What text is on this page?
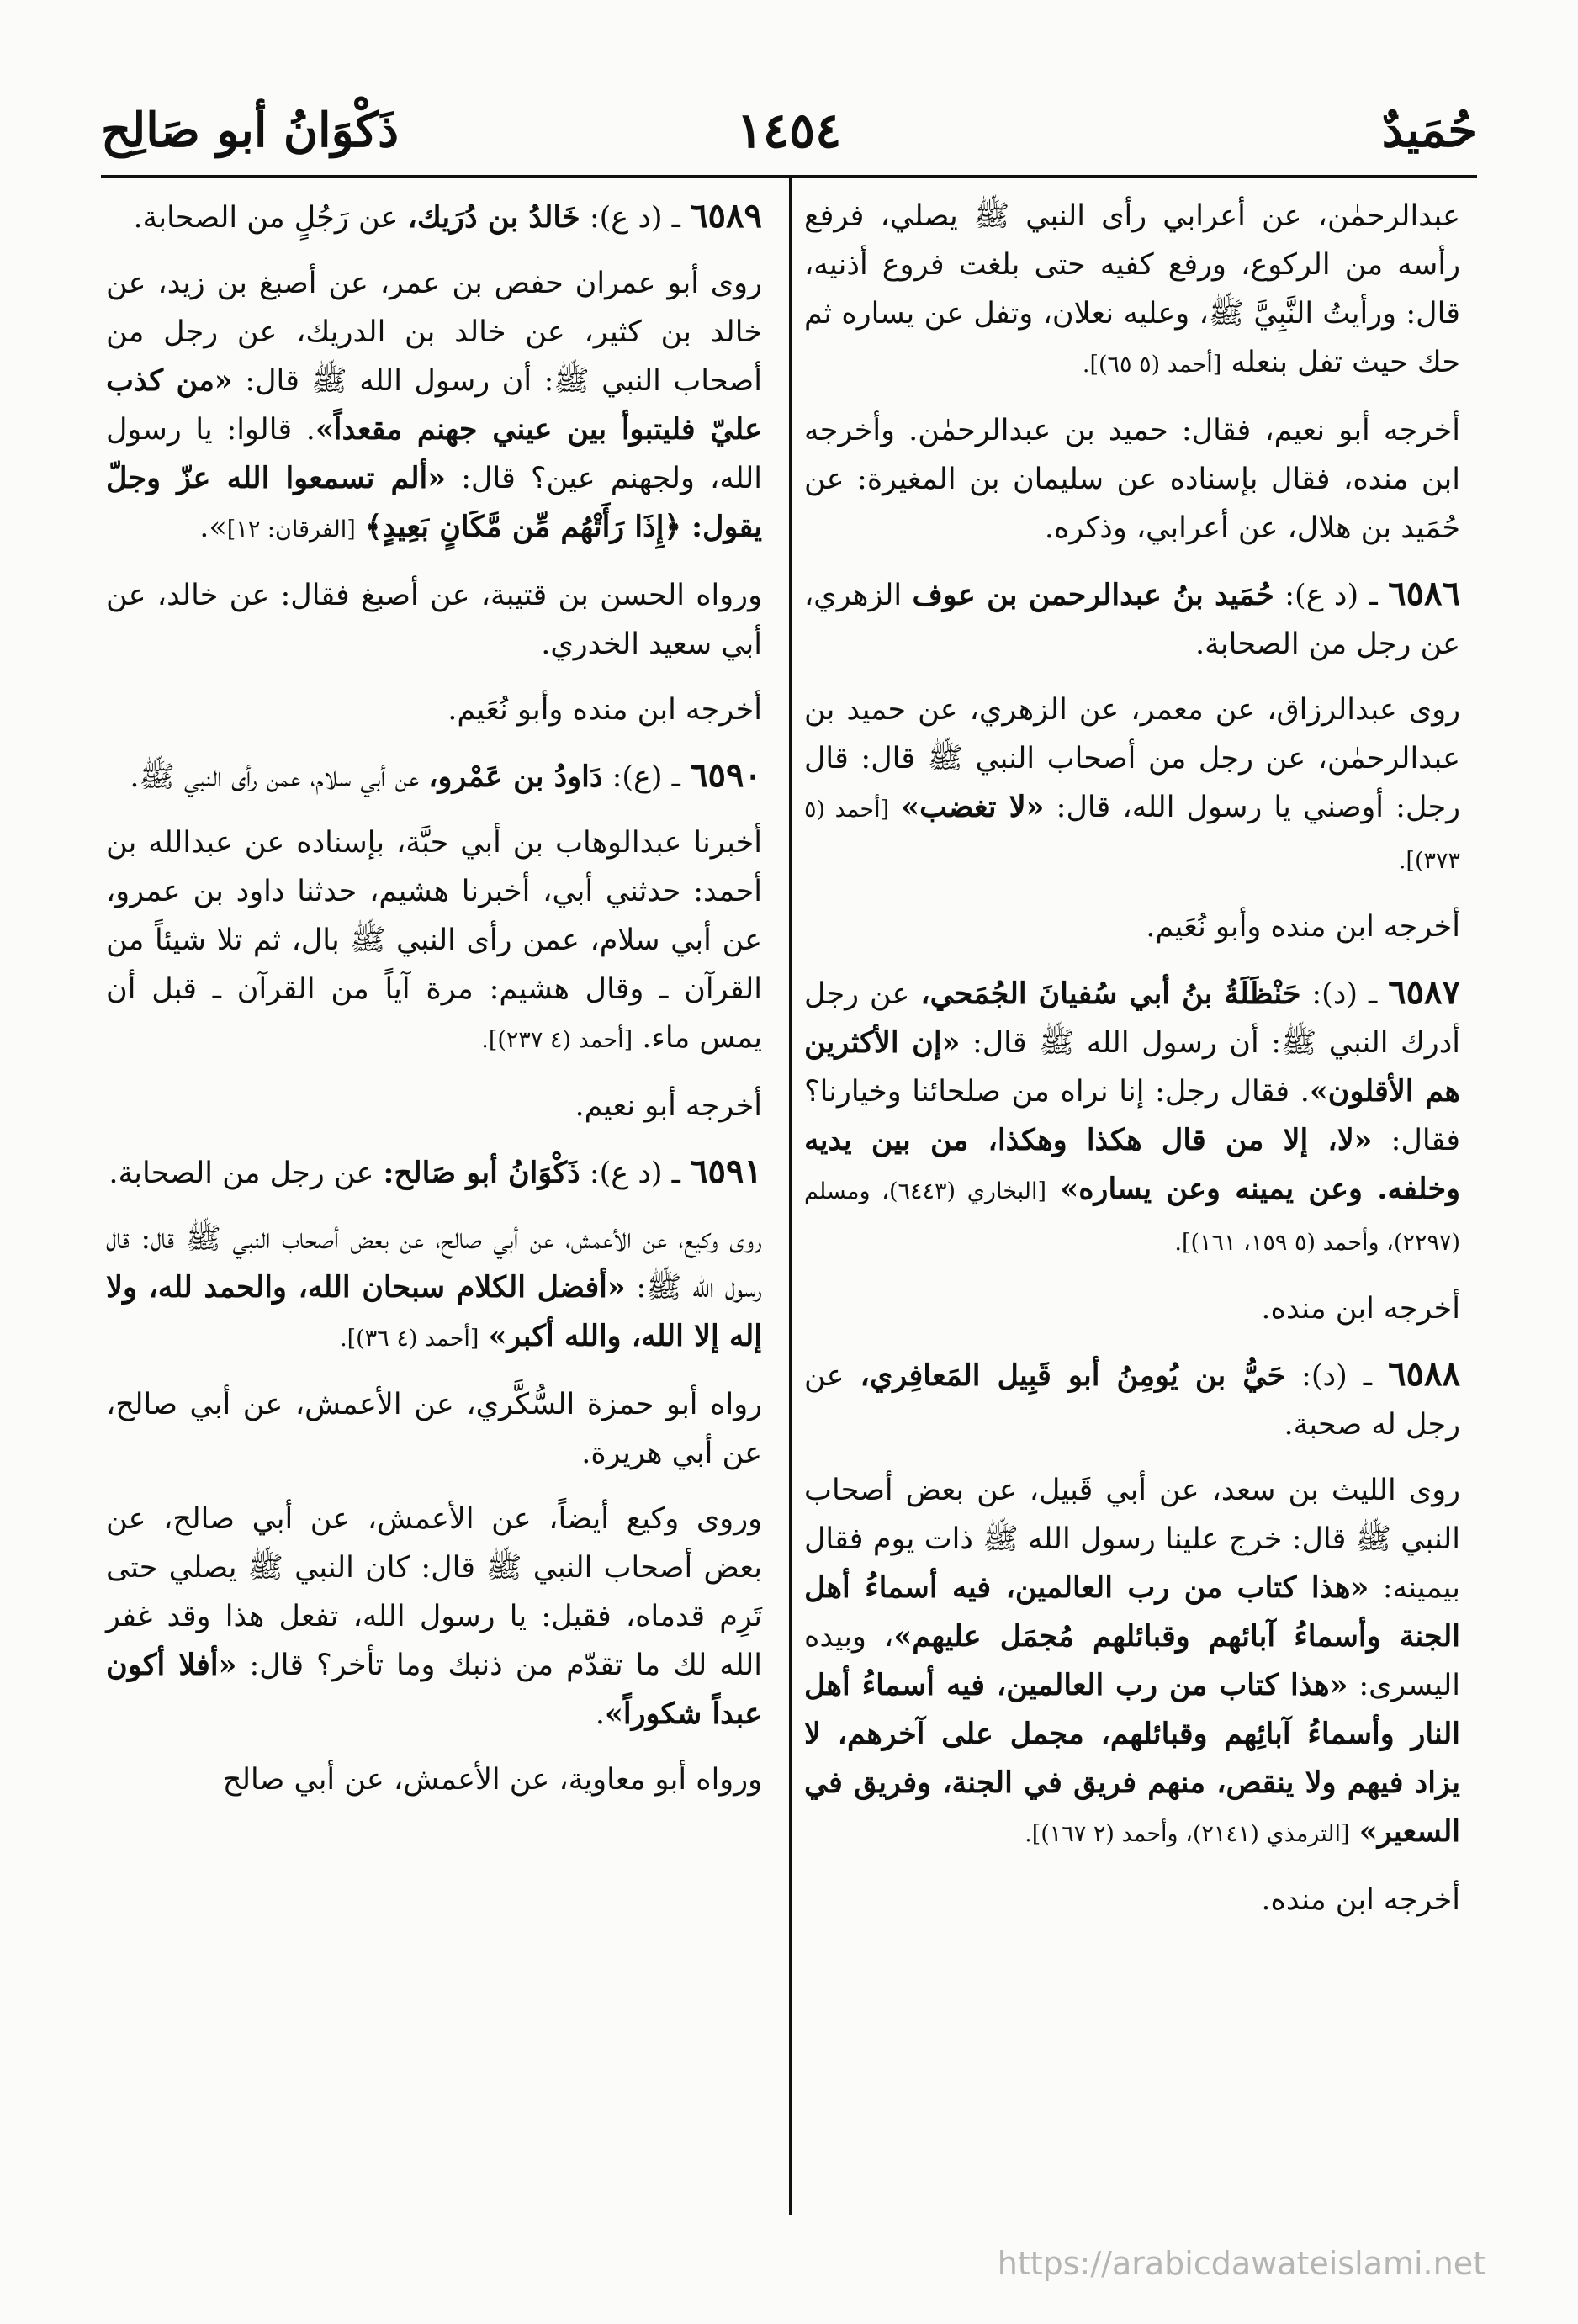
حُمَيدٌ
١٤٥٤
ذَكْوَانُ أبو صَالِح

عبدالرحمٰن، عن أعرابي رأى النبي ﷺ يصلي، فرفع رأسه من الركوع، ورفع كفيه حتى بلغت فروع أذنيه، قال: ورأيتُ النَّبِيَّ ﷺ، وعليه نعلان، وتفل عن يساره ثم حك حيث تفل بنعله [أحمد (٥ ٦٥)].

أخرجه أبو نعيم، فقال: حميد بن عبدالرحمٰن. وأخرجه ابن منده، فقال بإسناده عن سليمان بن المغيرة: عن حُمَيد بن هلال، عن أعرابي، وذكره.

٦٥٨٦ ـ (د ع): حُمَيد بنُ عبدالرحمن بن عوف الزهري، عن رجل من الصحابة.

روى عبدالرزاق، عن معمر، عن الزهري، عن حميد بن عبدالرحمٰن، عن رجل من أصحاب النبي ﷺ قال: قال رجل: أوصني يا رسول الله، قال: «لا تغضب» [أحمد (٥ ٣٧٣)].

أخرجه ابن منده وأبو نُعَيم.

٦٥٨٧ ـ (د): حَنْظَلَةُ بنُ أبي سُفيانَ الجُمَحي، عن رجل أدرك النبي ﷺ: أن رسول الله ﷺ قال: «إن الأكثرين هم الأقلون». فقال رجل: إنا نراه من صلحائنا وخيارنا؟ فقال: «لا، إلا من قال هكذا وهكذا، من بين يديه وخلفه. وعن يمينه وعن يساره» [البخاري (٦٤٤٣)، ومسلم (٢٢٩٧)، وأحمد (٥ ١٥٩، ١٦١)].

أخرجه ابن منده.

٦٥٨٨ ـ (د): حَيُّ بن يُومِنُ أبو قَبِيل المَعافِري، عن رجل له صحبة.

روى الليث بن سعد، عن أبي قَبيل، عن بعض أصحاب النبي ﷺ قال: خرج علينا رسول الله ﷺ ذات يوم فقال بيمينه: «هذا كتاب من رب العالمين، فيه أسماءُ أهل الجنة وأسماءُ آبائهم وقبائلهم مُجمَل عليهم»، وبيده اليسرى: «هذا كتاب من رب العالمين، فيه أسماءُ أهل النار وأسماءُ آبائِهم وقبائلهم، مجمل على آخرهم، لا يزاد فيهم ولا ينقص، منهم فريق في الجنة، وفريق في السعير» [الترمذي (٢١٤١)، وأحمد (٢ ١٦٧)].

أخرجه ابن منده.

٦٥٨٩ ـ (د ع): خَالدُ بن دُرَيك، عن رَجُلٍ من الصحابة.

روى أبو عمران حفص بن عمر، عن أصبغ بن زيد، عن خالد بن كثير، عن خالد بن الدريك، عن رجل من أصحاب النبي ﷺ: أن رسول الله ﷺ قال: «من كذب عليّ فليتبوأ بين عيني جهنم مقعداً». قالوا: يا رسول الله، ولجهنم عين؟ قال: «ألم تسمعوا الله عزّ وجلّ يقول: ﴿إِذَا رَأَتْهُم مِّن مَّكَانٍ بَعِيدٍ﴾ [الفرقان: ١٢]».

ورواه الحسن بن قتيبة، عن أصبغ فقال: عن خالد، عن أبي سعيد الخدري.

أخرجه ابن منده وأبو نُعَيم.

٦٥٩٠ ـ (ع): دَاودُ بن عَمْرو، عن أبي سلام، عمن رأى النبي ﷺ.

أخبرنا عبدالوهاب بن أبي حبَّة، بإسناده عن عبدالله بن أحمد: حدثني أبي، أخبرنا هشيم، حدثنا داود بن عمرو، عن أبي سلام، عمن رأى النبي ﷺ بال، ثم تلا شيئاً من القرآن ـ وقال هشيم: مرة آياً من القرآن ـ قبل أن يمس ماء. [أحمد (٤ ٢٣٧)].

أخرجه أبو نعيم.

٦٥٩١ ـ (د ع): ذَكْوَانُ أبو صَالح: عن رجل من الصحابة.

روى وكيع، عن الأعمش، عن أبي صالح، عن بعض أصحاب النبي ﷺ قال: قال رسول الله ﷺ: «أفضل الكلام سبحان الله، والحمد لله، ولا إله إلا الله، والله أكبر» [أحمد (٤ ٣٦)].

رواه أبو حمزة السُّكَّري، عن الأعمش، عن أبي صالح، عن أبي هريرة.

وروى وكيع أيضاً، عن الأعمش، عن أبي صالح، عن بعض أصحاب النبي ﷺ قال: كان النبي ﷺ يصلي حتى تَرِم قدماه، فقيل: يا رسول الله، تفعل هذا وقد غفر الله لك ما تقدّم من ذنبك وما تأخر؟ قال: «أفلا أكون عبداً شكوراً».

ورواه أبو معاوية، عن الأعمش، عن أبي صالح

https://arabicdawateislami.net
